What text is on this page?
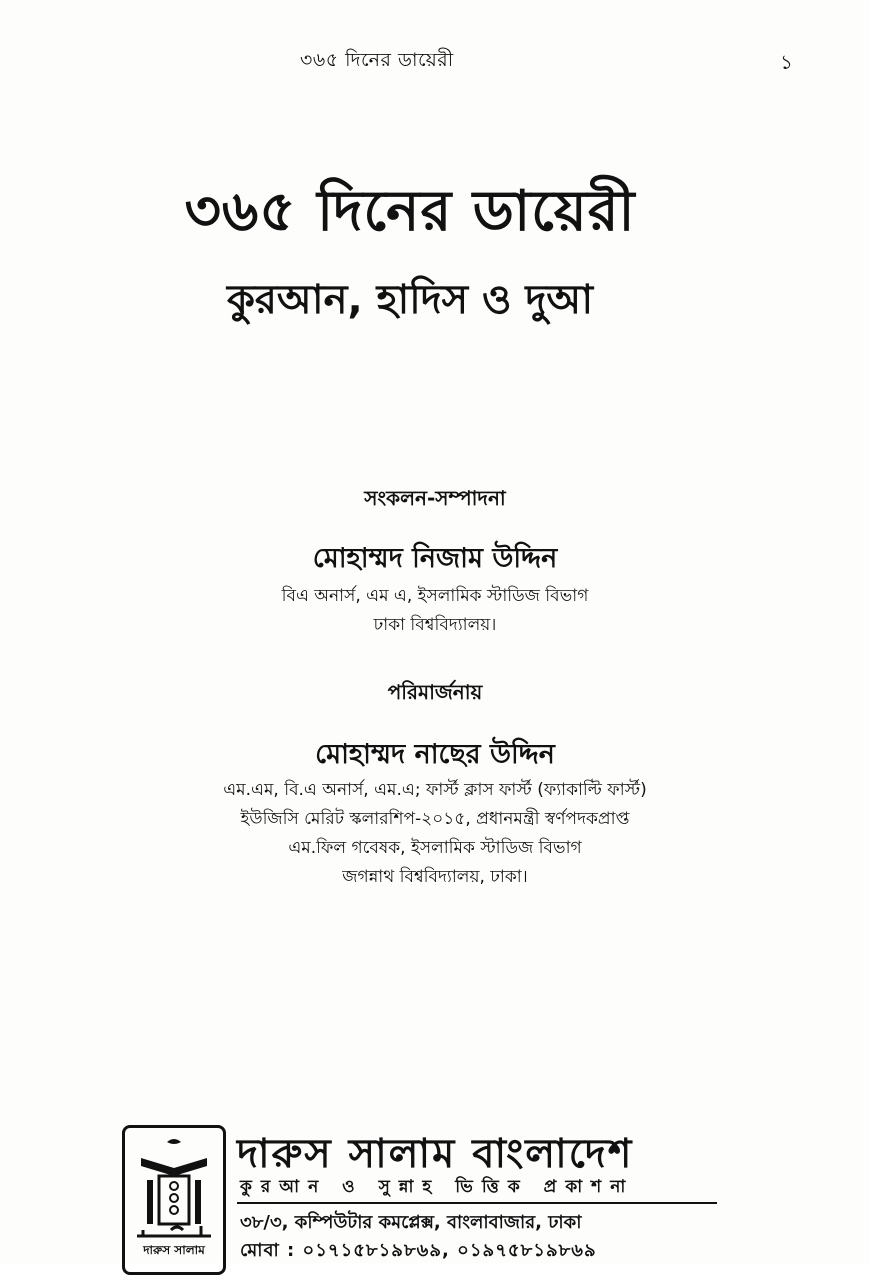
৩৬৫ দিনের ডায়েরী	১
৩৬৫ দিনের ডায়েরী
কুরআন, হাদিস ও দুআ
সংকলন-সম্পাদনা
মোহাম্মদ নিজাম উদ্দিন
বিএ অনার্স, এম এ, ইসলামিক স্টাডিজ বিভাগ
ঢাকা বিশ্ববিদ্যালয়।
পরিমার্জনায়
মোহাম্মদ নাছের উদ্দিন
এম.এম, বি.এ অনার্স, এম.এ; ফার্স্ট ক্লাস ফার্স্ট (ফ্যাকাল্টি ফার্স্ট)
ইউজিসি মেরিট স্কলারশিপ-২০১৫, প্রধানমন্ত্রী স্বর্ণপদকপ্রাপ্ত
এম.ফিল গবেষক, ইসলামিক স্টাডিজ বিভাগ
জগন্নাথ বিশ্ববিদ্যালয়, ঢাকা।
দারুস সালাম
দারুস সালাম বাংলাদেশ
কুরআন ও সুন্নাহ ভিত্তিক প্রকাশনা
৩৮/৩, কম্পিউটার কমপ্লেক্স, বাংলাবাজার, ঢাকা
মোবা : ০১৭১৫৮১৯৮৬৯, ০১৯৭৫৮১৯৮৬৯
